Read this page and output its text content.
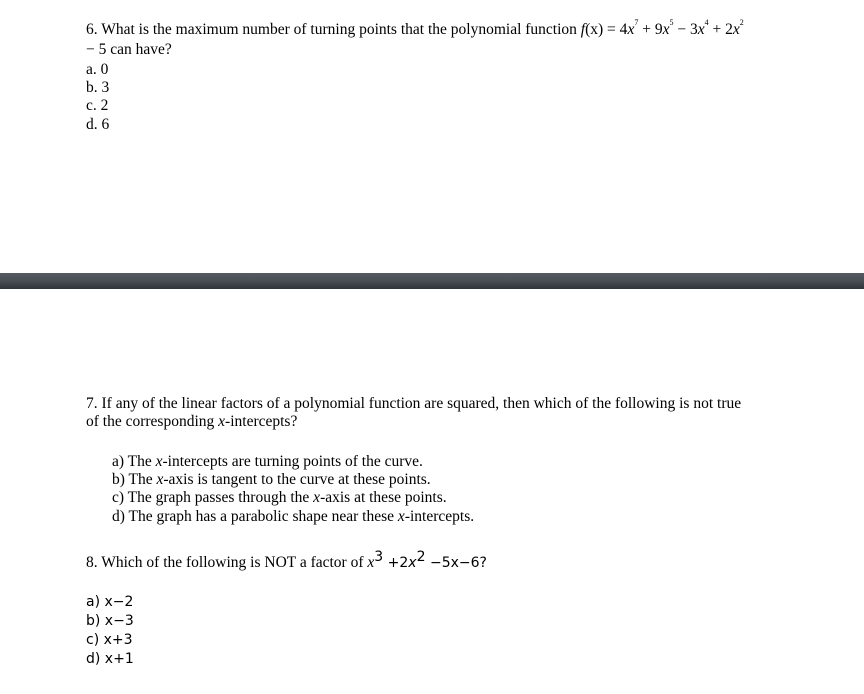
6. What is the maximum number of turning points that the polynomial function $f(x) = 4x^7 + 9x^5 - 3x^4 + 2x^2$
− 5 can have?
a. 0
b. 3
c. 2
d. 6
7. If any of the linear factors of a polynomial function are squared, then which of the following is not true
of the corresponding x-intercepts?
a) The x-intercepts are turning points of the curve.
b) The x-axis is tangent to the curve at these points.
c) The graph passes through the x-axis at these points.
d) The graph has a parabolic shape near these x-intercepts.
8. Which of the following is NOT a factor of $x^3 +2x^2 -5x-6$?
a) x−2
b) x−3
c) x+3
d) x+1
